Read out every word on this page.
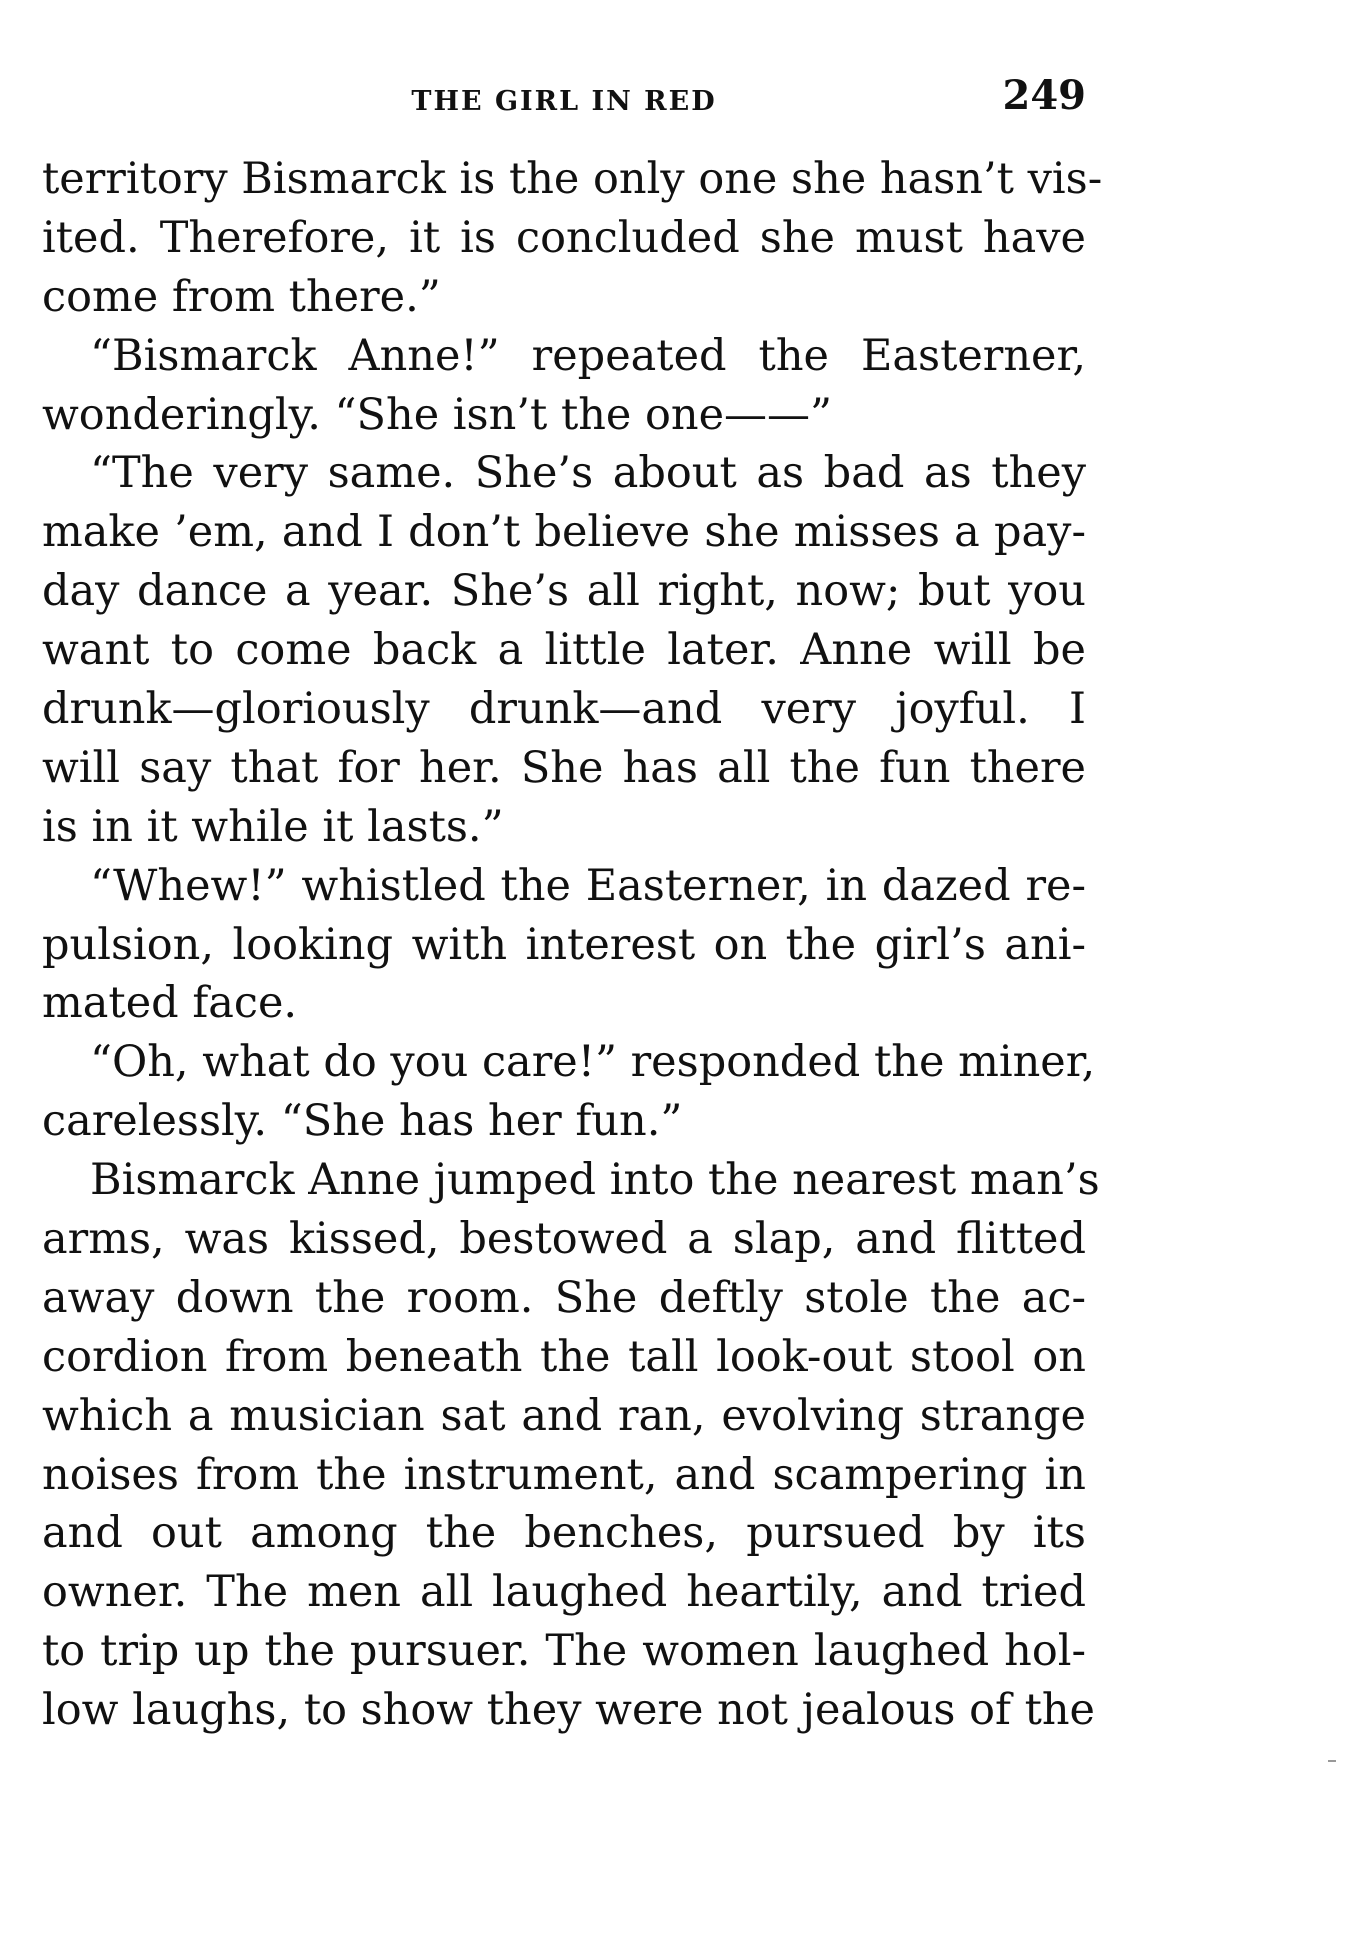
THE GIRL IN RED	249
territory Bismarck is the only one she hasn’t vis-
ited. Therefore, it is concluded she must have
come from there.”
“Bismarck Anne!” repeated the Easterner,
wonderingly. “She isn’t the one——”
“The very same. She’s about as bad as they
make ’em, and I don’t believe she misses a pay-
day dance a year. She’s all right, now; but you
want to come back a little later. Anne will be
drunk—gloriously drunk—and very joyful. I
will say that for her. She has all the fun there
is in it while it lasts.”
“Whew!” whistled the Easterner, in dazed re-
pulsion, looking with interest on the girl’s ani-
mated face.
“Oh, what do you care!” responded the miner,
carelessly. “She has her fun.”
Bismarck Anne jumped into the nearest man’s
arms, was kissed, bestowed a slap, and flitted
away down the room. She deftly stole the ac-
cordion from beneath the tall look-out stool on
which a musician sat and ran, evolving strange
noises from the instrument, and scampering in
and out among the benches, pursued by its
owner. The men all laughed heartily, and tried
to trip up the pursuer. The women laughed hol-
low laughs, to show they were not jealous of the
